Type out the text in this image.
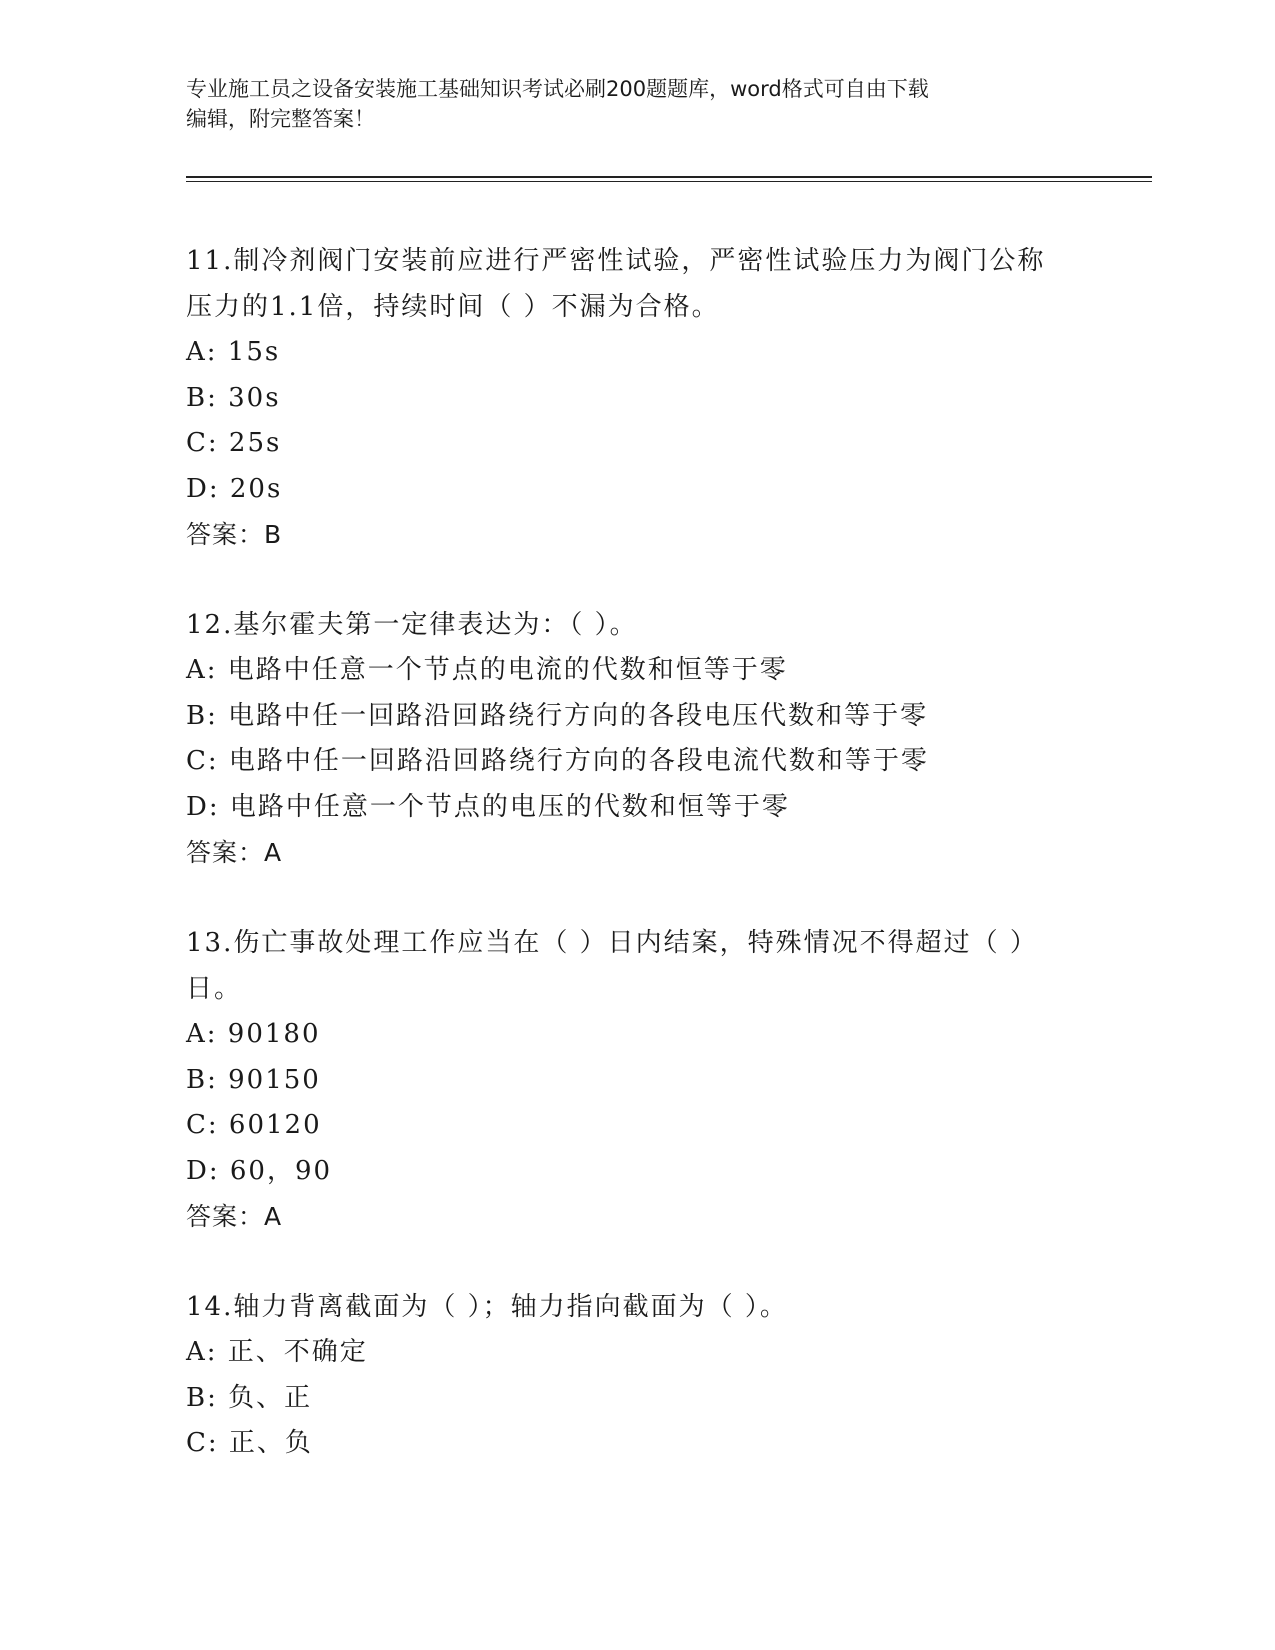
专业施工员之设备安装施工基础知识考试必刷200题题库，word格式可自由下载
编辑，附完整答案！
11.制冷剂阀门安装前应进行严密性试验，严密性试验压力为阀门公称
压力的1.1倍，持续时间（ ）不漏为合格。
A: 15s
B: 30s
C: 25s
D: 20s
答案：B
12.基尔霍夫第一定律表达为：（ ）。
A: 电路中任意一个节点的电流的代数和恒等于零
B: 电路中任一回路沿回路绕行方向的各段电压代数和等于零
C: 电路中任一回路沿回路绕行方向的各段电流代数和等于零
D: 电路中任意一个节点的电压的代数和恒等于零
答案：A
13.伤亡事故处理工作应当在（ ）日内结案，特殊情况不得超过（ ）
日。
A: 90180
B: 90150
C: 60120
D: 60，90
答案：A
14.轴力背离截面为（ ）；轴力指向截面为（ ）。
A: 正、不确定
B: 负、正
C: 正、负
